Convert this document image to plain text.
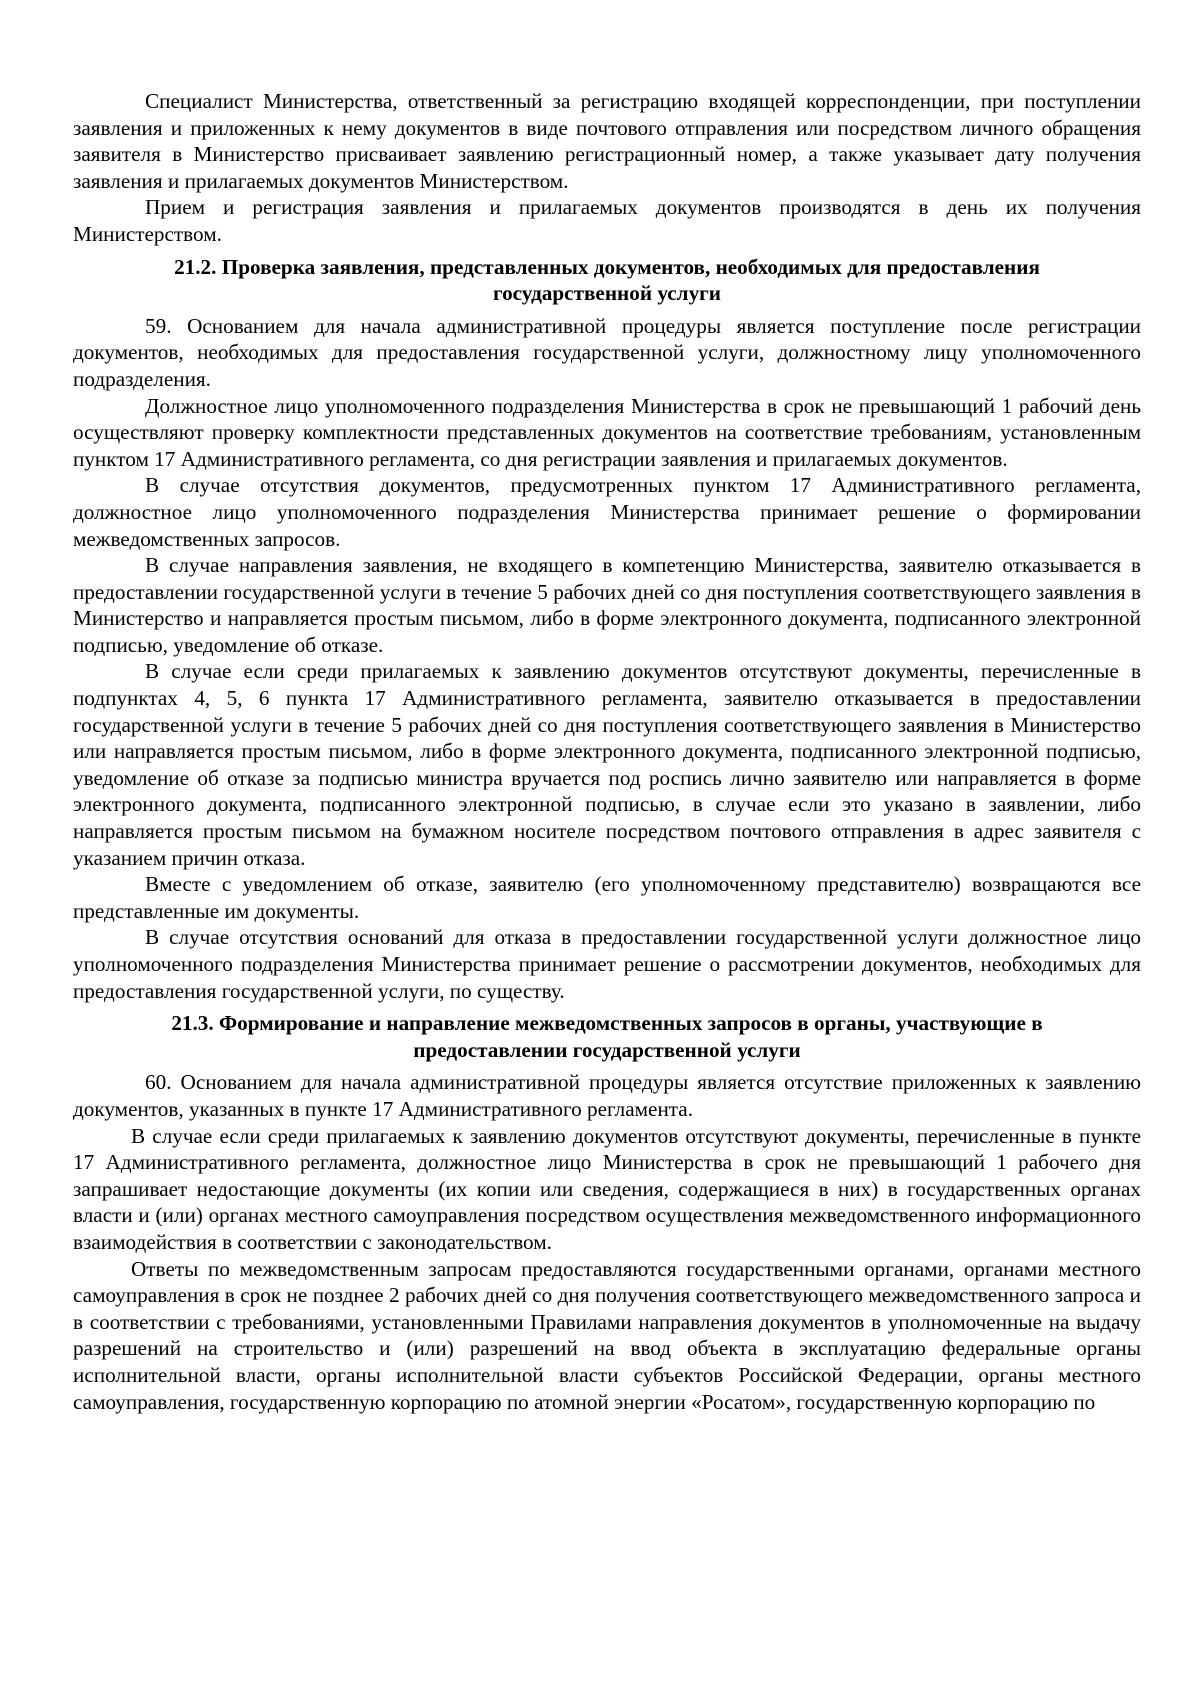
Специалист Министерства, ответственный за регистрацию входящей корреспонденции, при поступлении заявления и приложенных к нему документов в виде почтового отправления или посредством личного обращения заявителя в Министерство присваивает заявлению регистрационный номер, а также указывает дату получения заявления и прилагаемых документов Министерством.

Прием и регистрация заявления и прилагаемых документов производятся в день их получения Министерством.

21.2. Проверка заявления, представленных документов, необходимых для предоставления
государственной услуги

59. Основанием для начала административной процедуры является поступление после регистрации документов, необходимых для предоставления государственной услуги, должностному лицу уполномоченного подразделения.

Должностное лицо уполномоченного подразделения Министерства в срок не превышающий 1 рабочий день осуществляют проверку комплектности представленных документов на соответствие требованиям, установленным пунктом 17 Административного регламента, со дня регистрации заявления и прилагаемых документов.

В случае отсутствия документов, предусмотренных пунктом 17 Административного регламента, должностное лицо уполномоченного подразделения Министерства принимает решение о формировании межведомственных запросов.

В случае направления заявления, не входящего в компетенцию Министерства, заявителю отказывается в предоставлении государственной услуги в течение 5 рабочих дней со дня поступления соответствующего заявления в Министерство и направляется простым письмом, либо в форме электронного документа, подписанного электронной подписью, уведомление об отказе.

В случае если среди прилагаемых к заявлению документов отсутствуют документы, перечисленные в подпунктах 4, 5, 6 пункта 17 Административного регламента, заявителю отказывается в предоставлении государственной услуги в течение 5 рабочих дней со дня поступления соответствующего заявления в Министерство или направляется простым письмом, либо в форме электронного документа, подписанного электронной подписью, уведомление об отказе за подписью министра вручается под роспись лично заявителю или направляется в форме электронного документа, подписанного электронной подписью, в случае если это указано в заявлении, либо направляется простым письмом на бумажном носителе посредством почтового отправления в адрес заявителя с указанием причин отказа.

Вместе с уведомлением об отказе, заявителю (его уполномоченному представителю) возвращаются все представленные им документы.

В случае отсутствия оснований для отказа в предоставлении государственной услуги должностное лицо уполномоченного подразделения Министерства принимает решение о рассмотрении документов, необходимых для предоставления государственной услуги, по существу.

21.3. Формирование и направление межведомственных запросов в органы, участвующие в
предоставлении государственной услуги

60. Основанием для начала административной процедуры является отсутствие приложенных к заявлению документов, указанных в пункте 17 Административного регламента.

В случае если среди прилагаемых к заявлению документов отсутствуют документы, перечисленные в пункте 17 Административного регламента, должностное лицо Министерства в срок не превышающий 1 рабочего дня запрашивает недостающие документы (их копии или сведения, содержащиеся в них) в государственных органах власти и (или) органах местного самоуправления посредством осуществления межведомственного информационного взаимодействия в соответствии с законодательством.

Ответы по межведомственным запросам предоставляются государственными органами, органами местного самоуправления в срок не позднее 2 рабочих дней со дня получения соответствующего межведомственного запроса и в соответствии с требованиями, установленными Правилами направления документов в уполномоченные на выдачу разрешений на строительство и (или) разрешений на ввод объекта в эксплуатацию федеральные органы исполнительной власти, органы исполнительной власти субъектов Российской Федерации, органы местного самоуправления, государственную корпорацию по атомной энергии «Росатом», государственную корпорацию по
